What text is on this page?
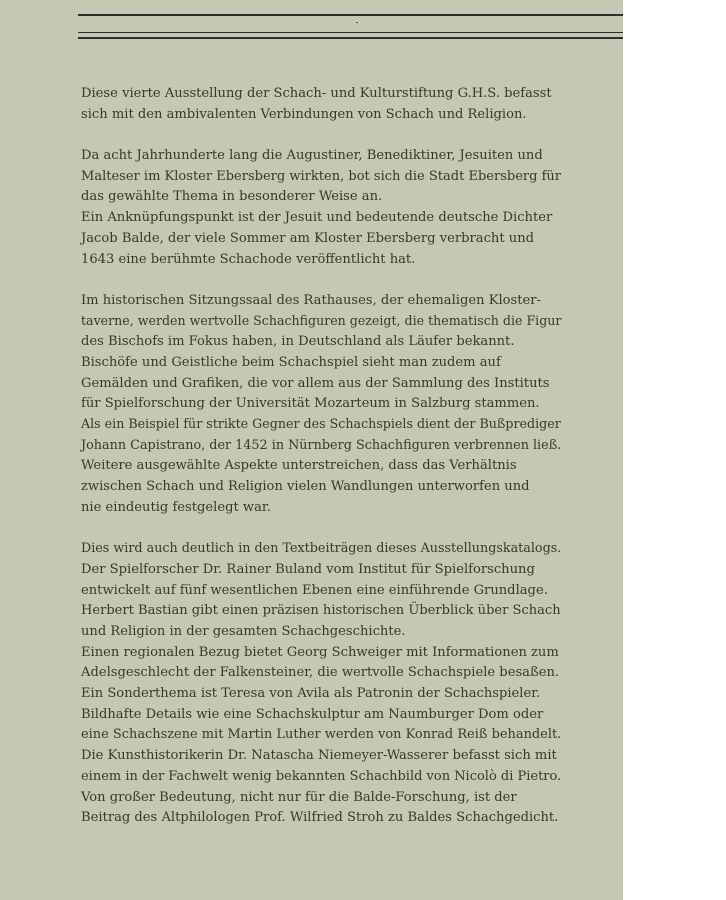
Diese vierte Ausstellung der Schach- und Kulturstiftung G.H.S. befasst
sich mit den ambivalenten Verbindungen von Schach und Religion.

Da acht Jahrhunderte lang die Augustiner, Benediktiner, Jesuiten und
Malteser im Kloster Ebersberg wirkten, bot sich die Stadt Ebersberg für
das gewählte Thema in besonderer Weise an.
Ein Anknüpfungspunkt ist der Jesuit und bedeutende deutsche Dichter
Jacob Balde, der viele Sommer am Kloster Ebersberg verbracht und
1643 eine berühmte Schachode veröffentlicht hat.

Im historischen Sitzungssaal des Rathauses, der ehemaligen Kloster-
taverne, werden wertvolle Schachfiguren gezeigt, die thematisch die Figur
des Bischofs im Fokus haben, in Deutschland als Läufer bekannt.
Bischöfe und Geistliche beim Schachspiel sieht man zudem auf
Gemälden und Grafiken, die vor allem aus der Sammlung des Instituts
für Spielforschung der Universität Mozarteum in Salzburg stammen.
Als ein Beispiel für strikte Gegner des Schachspiels dient der Bußprediger
Johann Capistrano, der 1452 in Nürnberg Schachfiguren verbrennen ließ.
Weitere ausgewählte Aspekte unterstreichen, dass das Verhältnis
zwischen Schach und Religion vielen Wandlungen unterworfen und
nie eindeutig festgelegt war.

Dies wird auch deutlich in den Textbeiträgen dieses Ausstellungskatalogs.
Der Spielforscher Dr. Rainer Buland vom Institut für Spielforschung
entwickelt auf fünf wesentlichen Ebenen eine einführende Grundlage.
Herbert Bastian gibt einen präzisen historischen Überblick über Schach
und Religion in der gesamten Schachgeschichte.
Einen regionalen Bezug bietet Georg Schweiger mit Informationen zum
Adelsgeschlecht der Falkensteiner, die wertvolle Schachspiele besaßen.
Ein Sonderthema ist Teresa von Avila als Patronin der Schachspieler.
Bildhafte Details wie eine Schachskulptur am Naumburger Dom oder
eine Schachszene mit Martin Luther werden von Konrad Reiß behandelt.
Die Kunsthistorikerin Dr. Natascha Niemeyer-Wasserer befasst sich mit
einem in der Fachwelt wenig bekannten Schachbild von Nicolò di Pietro.
Von großer Bedeutung, nicht nur für die Balde-Forschung, ist der
Beitrag des Altphilologen Prof. Wilfried Stroh zu Baldes Schachgedicht.
